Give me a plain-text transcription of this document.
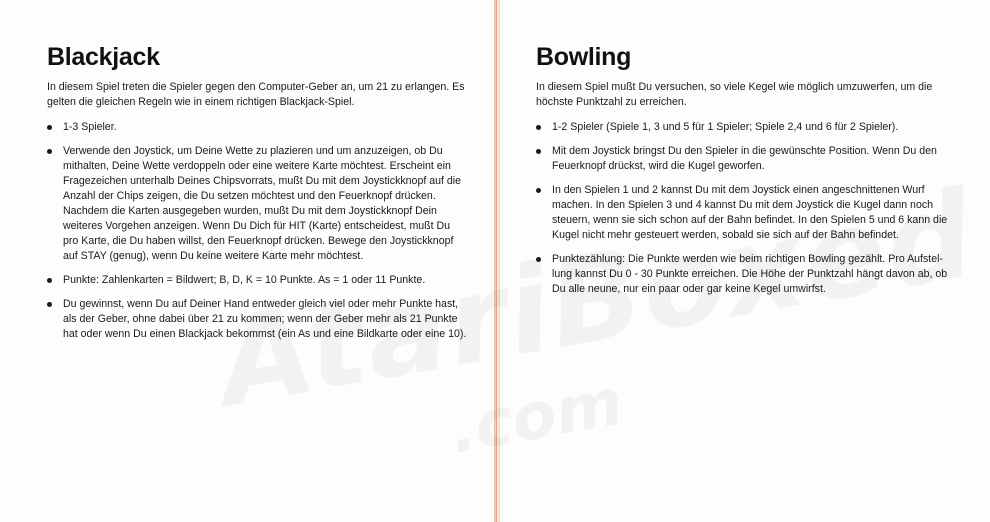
Blackjack

In diesem Spiel treten die Spieler gegen den Computer-Geber an, um 21 zu erlangen. Es gelten die gleichen Regeln wie in einem richtigen Blackjack-Spiel.

1-3 Spieler.
Verwende den Joystick, um Deine Wette zu plazieren und um anzuzeigen, ob Du mithalten, Deine Wette verdoppeln oder eine weitere Karte möchtest. Erscheint ein Fragezeichen unterhalb Deines Chipsvorrats, mußt Du mit dem Joystickknopf auf die Anzahl der Chips zeigen, die Du setzen möchtest und den Feuerknopf drücken. Nachdem die Karten ausgegeben wurden, mußt Du mit dem Joystickknopf Dein weiteres Vorgehen anzeigen. Wenn Du Dich für HIT (Karte) entscheidest, mußt Du pro Karte, die Du haben willst, den Feuerknopf drücken. Bewege den Joystickknopf auf STAY (genug), wenn Du keine weitere Karte mehr möchtest.
Punkte: Zahlenkarten = Bildwert; B, D, K = 10 Punkte. As = 1 oder 11 Punkte.
Du gewinnst, wenn Du auf Deiner Hand entweder gleich viel oder mehr Punkte hast, als der Geber, ohne dabei über 21 zu kommen; wenn der Geber mehr als 21 Punkte hat oder wenn Du einen Blackjack bekommst (ein As und eine Bildkarte oder eine 10).
Bowling

In diesem Spiel mußt Du versuchen, so viele Kegel wie möglich umzuwerfen, um die höchste Punktzahl zu erreichen.

1-2 Spieler (Spiele 1, 3 und 5 für 1 Spieler; Spiele 2,4 und 6 für 2 Spieler).
Mit dem Joystick bringst Du den Spieler in die gewünschte Position. Wenn Du den Feuerknopf drückst, wird die Kugel geworfen.
In den Spielen 1 und 2 kannst Du mit dem Joystick einen angeschnittenen Wurf machen. In den Spielen 3 und 4 kannst Du mit dem Joystick die Kugel dann noch steuern, wenn sie sich schon auf der Bahn befindet. In den Spielen 5 und 6 kann die Kugel nicht mehr gesteuert werden, sobald sie sich auf der Bahn befindet.
Punktezählung: Die Punkte werden wie beim richtigen Bowling gezählt. Pro Aufstel-lung kannst Du 0 - 30 Punkte erreichen. Die Höhe der Punktzahl hängt davon ab, ob Du alle neune, nur ein paar oder gar keine Kegel umwirfst.
